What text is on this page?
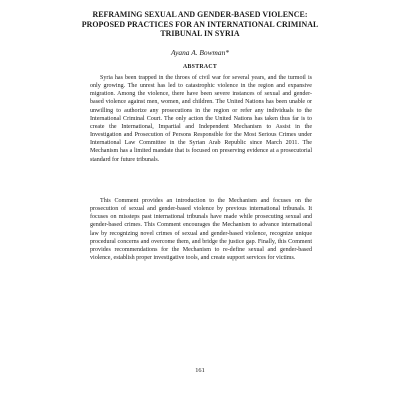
REFRAMING SEXUAL AND GENDER-BASED VIOLENCE: PROPOSED PRACTICES FOR AN INTERNATIONAL CRIMINAL TRIBUNAL IN SYRIA
Ayana A. Bowman*
ABSTRACT

Syria has been trapped in the throes of civil war for several years, and the turmoil is only growing. The unrest has led to catastrophic violence in the region and expansive migration. Among the violence, there have been severe instances of sexual and gender-based violence against men, women, and children. The United Nations has been unable or unwilling to authorize any prosecutions in the region or refer any individuals to the International Criminal Court. The only action the United Nations has taken thus far is to create the International, Impartial and Independent Mechanism to Assist in the Investigation and Prosecution of Persons Responsible for the Most Serious Crimes under International Law Committee in the Syrian Arab Republic since March 2011. The Mechanism has a limited mandate that is focused on preserving evidence at a prosecutorial standard for future tribunals.

This Comment provides an introduction to the Mechanism and focuses on the prosecution of sexual and gender-based violence by previous international tribunals. It focuses on missteps past international tribunals have made while prosecuting sexual and gender-based crimes. This Comment encourages the Mechanism to advance international law by recognizing novel crimes of sexual and gender-based violence, recognize unique procedural concerns and overcome them, and bridge the justice gap. Finally, this Comment provides recommendations for the Mechanism to re-define sexual and gender-based violence, establish proper investigative tools, and create support services for victims.

161
